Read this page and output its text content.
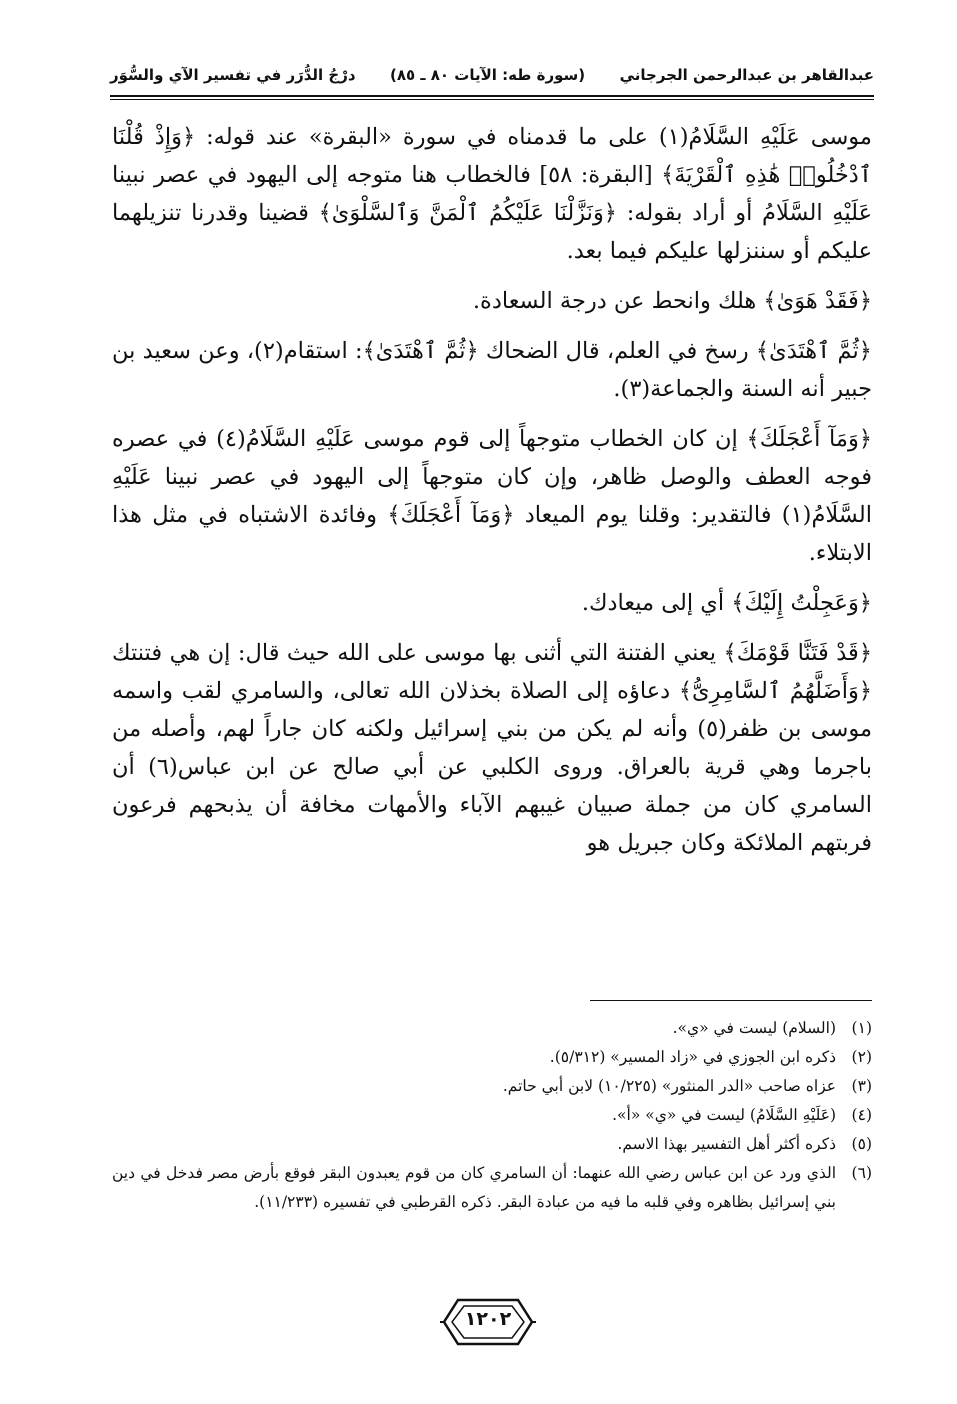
عبدالقاهر بن عبدالرحمن الجرجاني
(سورة طه: الآيات ٨٠ ـ ٨٥)
درْجُ الدُّرَر في تفسير الآي والسُّوَر

موسى عَلَيْهِ السَّلَامُ(١) على ما قدمناه في سورة «البقرة» عند قوله: ﴿وَإِذْ قُلْنَا ٱدْخُلُوا۟ هَٰذِهِ ٱلْقَرْيَةَ﴾ [البقرة: ٥٨] فالخطاب هنا متوجه إلى اليهود في عصر نبينا عَلَيْهِ السَّلَامُ أو أراد بقوله: ﴿وَنَزَّلْنَا عَلَيْكُمُ ٱلْمَنَّ وَٱلسَّلْوَىٰ﴾ قضينا وقدرنا تنزيلهما عليكم أو سننزلها عليكم فيما بعد.

﴿فَقَدْ هَوَىٰ﴾ هلك وانحط عن درجة السعادة.

﴿ثُمَّ ٱهْتَدَىٰ﴾ رسخ في العلم، قال الضحاك ﴿ثُمَّ ٱهْتَدَىٰ﴾: استقام(٢)، وعن سعيد بن جبير أنه السنة والجماعة(٣).

﴿وَمَآ أَعْجَلَكَ﴾ إن كان الخطاب متوجهاً إلى قوم موسى عَلَيْهِ السَّلَامُ(٤) في عصره فوجه العطف والوصل ظاهر، وإن كان متوجهاً إلى اليهود في عصر نبينا عَلَيْهِ السَّلَامُ(١) فالتقدير: وقلنا يوم الميعاد ﴿وَمَآ أَعْجَلَكَ﴾ وفائدة الاشتباه في مثل هذا الابتلاء.

﴿وَعَجِلْتُ إِلَيْكَ﴾ أي إلى ميعادك.

﴿قَدْ فَتَنَّا قَوْمَكَ﴾ يعني الفتنة التي أثنى بها موسى على الله حيث قال: إن هي فتنتك ﴿وَأَضَلَّهُمُ ٱلسَّامِرِىُّ﴾ دعاؤه إلى الصلاة بخذلان الله تعالى، والسامري لقب واسمه موسى بن ظفر(٥) وأنه لم يكن من بني إسرائيل ولكنه كان جاراً لهم، وأصله من باجرما وهي قرية بالعراق. وروى الكلبي عن أبي صالح عن ابن عباس(٦) أن السامري كان من جملة صبيان غيبهم الآباء والأمهات مخافة أن يذبحهم فرعون فربتهم الملائكة وكان جبريل هو

(١)
(السلام) ليست في «ي».
(٢)
ذكره ابن الجوزي في «زاد المسير» (٥/٣١٢).
(٣)
عزاه صاحب «الدر المنثور» (١٠/٢٢٥) لابن أبي حاتم.
(٤)
(عَلَيْهِ السَّلَامُ) ليست في «ي» «أ».
(٥)
ذكره أكثر أهل التفسير بهذا الاسم.
(٦)
الذي ورد عن ابن عباس رضي الله عنهما: أن السامري كان من قوم يعبدون البقر فوقع بأرض مصر فدخل في دين بني إسرائيل بظاهره وفي قلبه ما فيه من عبادة البقر. ذكره القرطبي في تفسيره (١١/٢٣٣).
١٢٠٢
